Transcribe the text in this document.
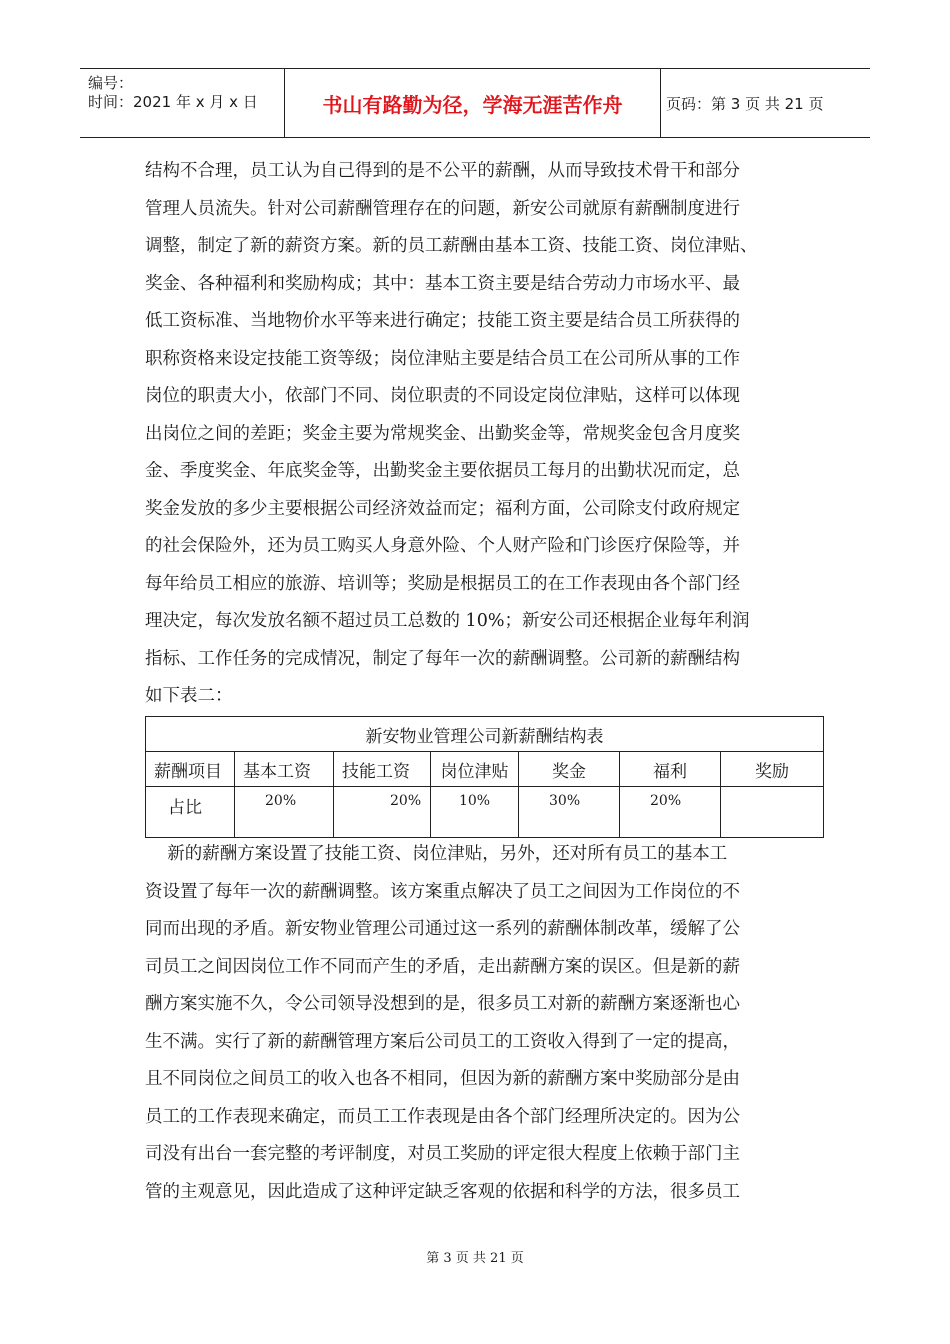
编号：
时间：2021 年 x 月 x 日	书山有路勤为径，学海无涯苦作舟	页码：第 3 页 共 21 页
结构不合理，员工认为自己得到的是不公平的薪酬，从而导致技术骨干和部分
管理人员流失。针对公司薪酬管理存在的问题，新安公司就原有薪酬制度进行
调整，制定了新的薪资方案。新的员工薪酬由基本工资、技能工资、岗位津贴、
奖金、各种福利和奖励构成；其中：基本工资主要是结合劳动力市场水平、最
低工资标准、当地物价水平等来进行确定；技能工资主要是结合员工所获得的
职称资格来设定技能工资等级；岗位津贴主要是结合员工在公司所从事的工作
岗位的职责大小，依部门不同、岗位职责的不同设定岗位津贴，这样可以体现
出岗位之间的差距；奖金主要为常规奖金、出勤奖金等，常规奖金包含月度奖
金、季度奖金、年底奖金等，出勤奖金主要依据员工每月的出勤状况而定，总
奖金发放的多少主要根据公司经济效益而定；福利方面，公司除支付政府规定
的社会保险外，还为员工购买人身意外险、个人财产险和门诊医疗保险等，并
每年给员工相应的旅游、培训等；奖励是根据员工的在工作表现由各个部门经
理决定，每次发放名额不超过员工总数的 10%；新安公司还根据企业每年利润
指标、工作任务的完成情况，制定了每年一次的薪酬调整。公司新的薪酬结构
如下表二：
新安物业管理公司新薪酬结构表						
薪酬项目	基本工资	技能工资	岗位津贴	奖金	福利	奖励
占比	20%	20%	10%	30%	20%	
新的薪酬方案设置了技能工资、岗位津贴，另外，还对所有员工的基本工
资设置了每年一次的薪酬调整。该方案重点解决了员工之间因为工作岗位的不
同而出现的矛盾。新安物业管理公司通过这一系列的薪酬体制改革，缓解了公
司员工之间因岗位工作不同而产生的矛盾，走出薪酬方案的误区。但是新的薪
酬方案实施不久，令公司领导没想到的是，很多员工对新的薪酬方案逐渐也心
生不满。实行了新的薪酬管理方案后公司员工的工资收入得到了一定的提高，
且不同岗位之间员工的收入也各不相同，但因为新的薪酬方案中奖励部分是由
员工的工作表现来确定，而员工工作表现是由各个部门经理所决定的。因为公
司没有出台一套完整的考评制度，对员工奖励的评定很大程度上依赖于部门主
管的主观意见，因此造成了这种评定缺乏客观的依据和科学的方法，很多员工
第 3 页 共 21 页
